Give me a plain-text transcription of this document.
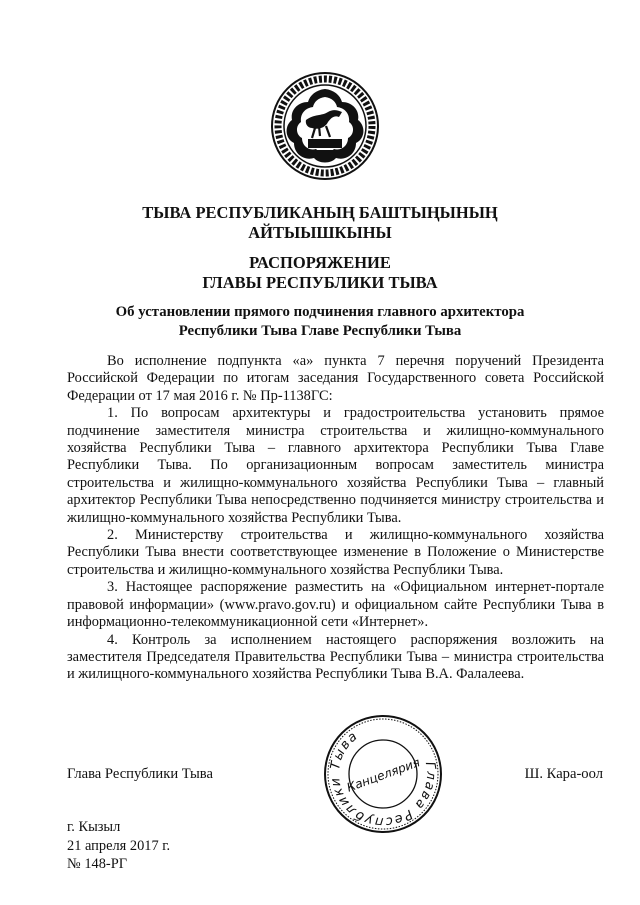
ТЫВА РЕСПУБЛИКАНЫҢ БАШТЫҢЫНЫҢ
АЙТЫЫШКЫНЫ
РАСПОРЯЖЕНИЕ
ГЛАВЫ РЕСПУБЛИКИ ТЫВА
Об установлении прямого подчинения главного архитектора
Республики Тыва Главе Республики Тыва

Во исполнение подпункта «а» пункта 7 перечня поручений Президента Российской Федерации по итогам заседания Государственного совета Российской Федерации от 17 мая 2016 г. № Пр-1138ГС:

1. По вопросам архитектуры и градостроительства установить прямое подчинение заместителя министра строительства и жилищно-коммунального хозяйства Республики Тыва – главного архитектора Республики Тыва Главе Республики Тыва. По организационным вопросам заместитель министра строительства и жилищно-коммунального хозяйства Республики Тыва – главный архитектор Республики Тыва непосредственно подчиняется министру строительства и жилищно-коммунального хозяйства Республики Тыва.

2. Министерству строительства и жилищно-коммунального хозяйства Республики Тыва внести соответствующее изменение в Положение о Министерстве строительства и жилищно-коммунального хозяйства Республики Тыва.

3. Настоящее распоряжение разместить на «Официальном интернет-портале правовой информации» (www.pravo.gov.ru) и официальном сайте Республики Тыва в информационно-телекоммуникационной сети «Интернет».

4. Контроль за исполнением настоящего распоряжения возложить на заместителя Председателя Правительства Республики Тыва – министра строительства и жилищного-коммунального хозяйства Республики Тыва В.А. Фалалеева.

Глава Республики Тыва	Ш. Кара-оол
Глава Республики Тыва
Канцелярия
г. Кызыл
21 апреля 2017 г.
№ 148-РГ
